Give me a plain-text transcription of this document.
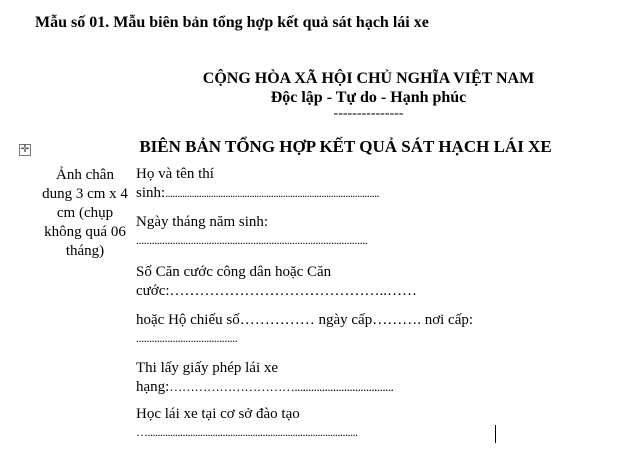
Mẫu số 01. Mẫu biên bản tổng hợp kết quả sát hạch lái xe
CỘNG HÒA XÃ HỘI CHỦ NGHĨA VIỆT NAM
Độc lập - Tự do - Hạnh phúc
---------------
BIÊN BẢN TỔNG HỢP KẾT QUẢ SÁT HẠCH LÁI XE
✛
Ảnh chân
dung 3 cm x 4
cm (chụp
không quá 06
tháng)
Họ và tên thí
sinh:.........................................................................................
Ngày tháng năm sinh:
.........................................................................................
Số Căn cước công dân hoặc Căn
cước:……………………………………..……
hoặc Hộ chiếu số…………… ngày cấp………. nơi cấp:
.......................................
Thi lấy giấy phép lái xe
hạng:…………………………....................................
Học lái xe tại cơ sở đào tạo
…....................................................................................
